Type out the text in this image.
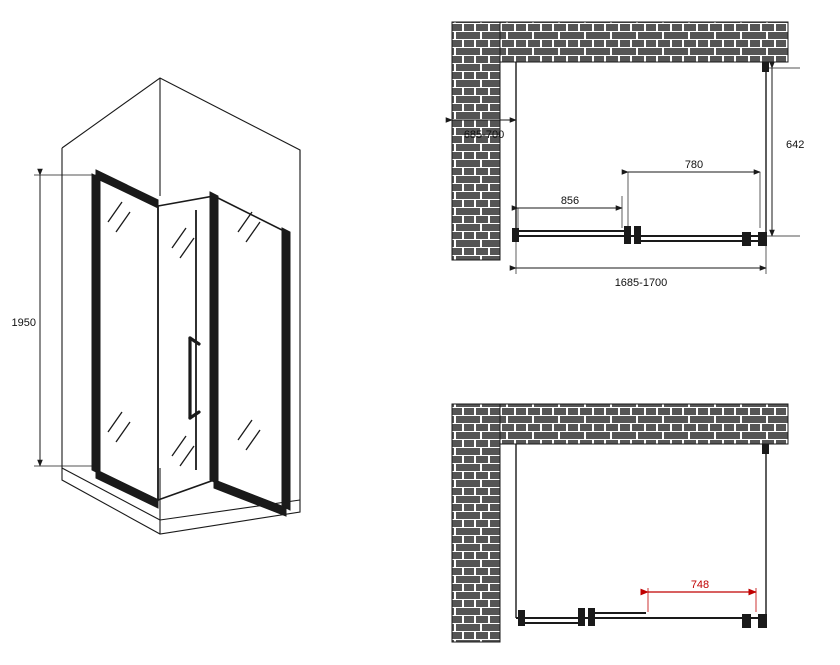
1950
685-700
642
780
856
1685-1700
748
